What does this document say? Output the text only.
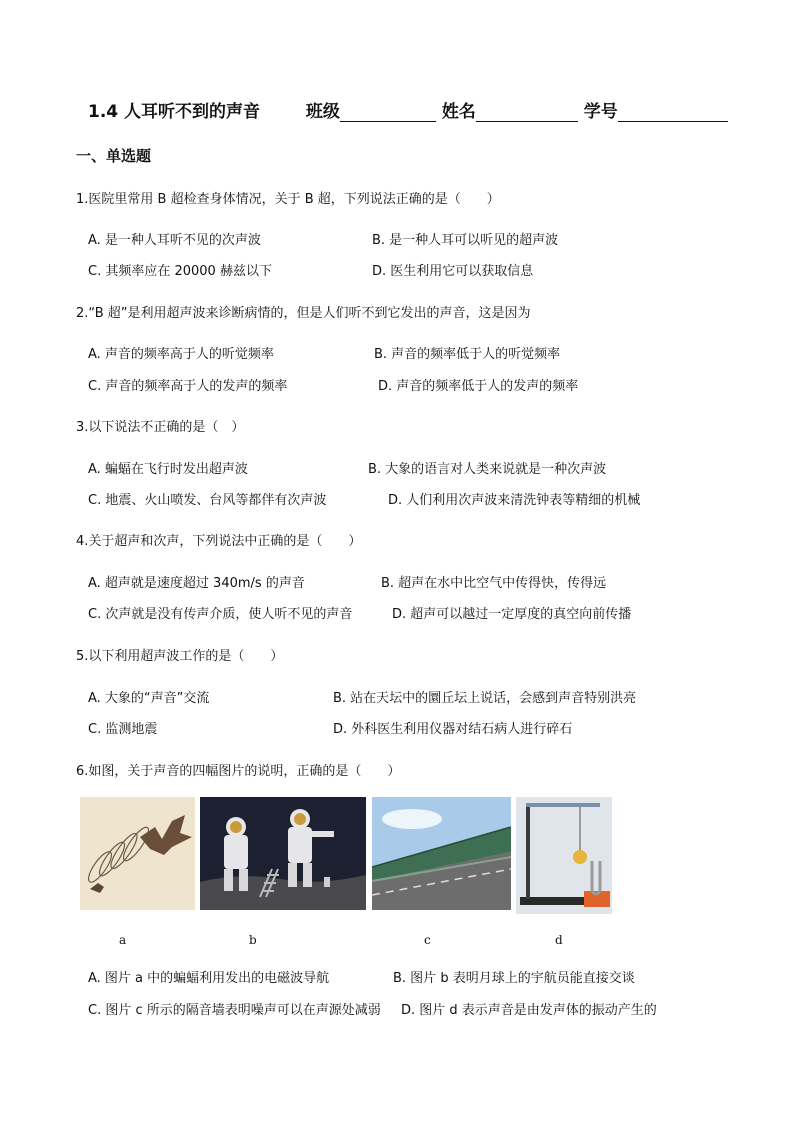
1.4 人耳听不到的声音	班级	姓名	学号
一、单选题
1.医院里常用 B 超检查身体情况，关于 B 超，下列说法正确的是（　　）
A. 是一种人耳听不见的次声波	B. 是一种人耳可以听见的超声波
C. 其频率应在 20000 赫兹以下	D. 医生利用它可以获取信息
2.“B 超”是利用超声波来诊断病情的，但是人们听不到它发出的声音，这是因为
A. 声音的频率高于人的听觉频率	B. 声音的频率低于人的听觉频率
C. 声音的频率高于人的发声的频率	D. 声音的频率低于人的发声的频率
3.以下说法不正确的是（　）
A. 蝙蝠在飞行时发出超声波	B. 大象的语言对人类来说就是一种次声波
C. 地震、火山喷发、台风等都伴有次声波	D. 人们利用次声波来清洗钟表等精细的机械
4.关于超声和次声，下列说法中正确的是（　　）
A. 超声就是速度超过 340m/s 的声音	B. 超声在水中比空气中传得快，传得远
C. 次声就是没有传声介质，使人听不见的声音	D. 超声可以越过一定厚度的真空向前传播
5.以下利用超声波工作的是（　　）
A. 大象的“声音”交流	B. 站在天坛中的圜丘坛上说话，会感到声音特别洪亮
C. 监测地震	D. 外科医生利用仪器对结石病人进行碎石
6.如图，关于声音的四幅图片的说明，正确的是（　　）
a	b	c	d
A. 图片 a 中的蝙蝠利用发出的电磁波导航	B. 图片 b 表明月球上的宇航员能直接交谈
C. 图片 c 所示的隔音墙表明噪声可以在声源处减弱 D. 图片 d 表示声音是由发声体的振动产生的
